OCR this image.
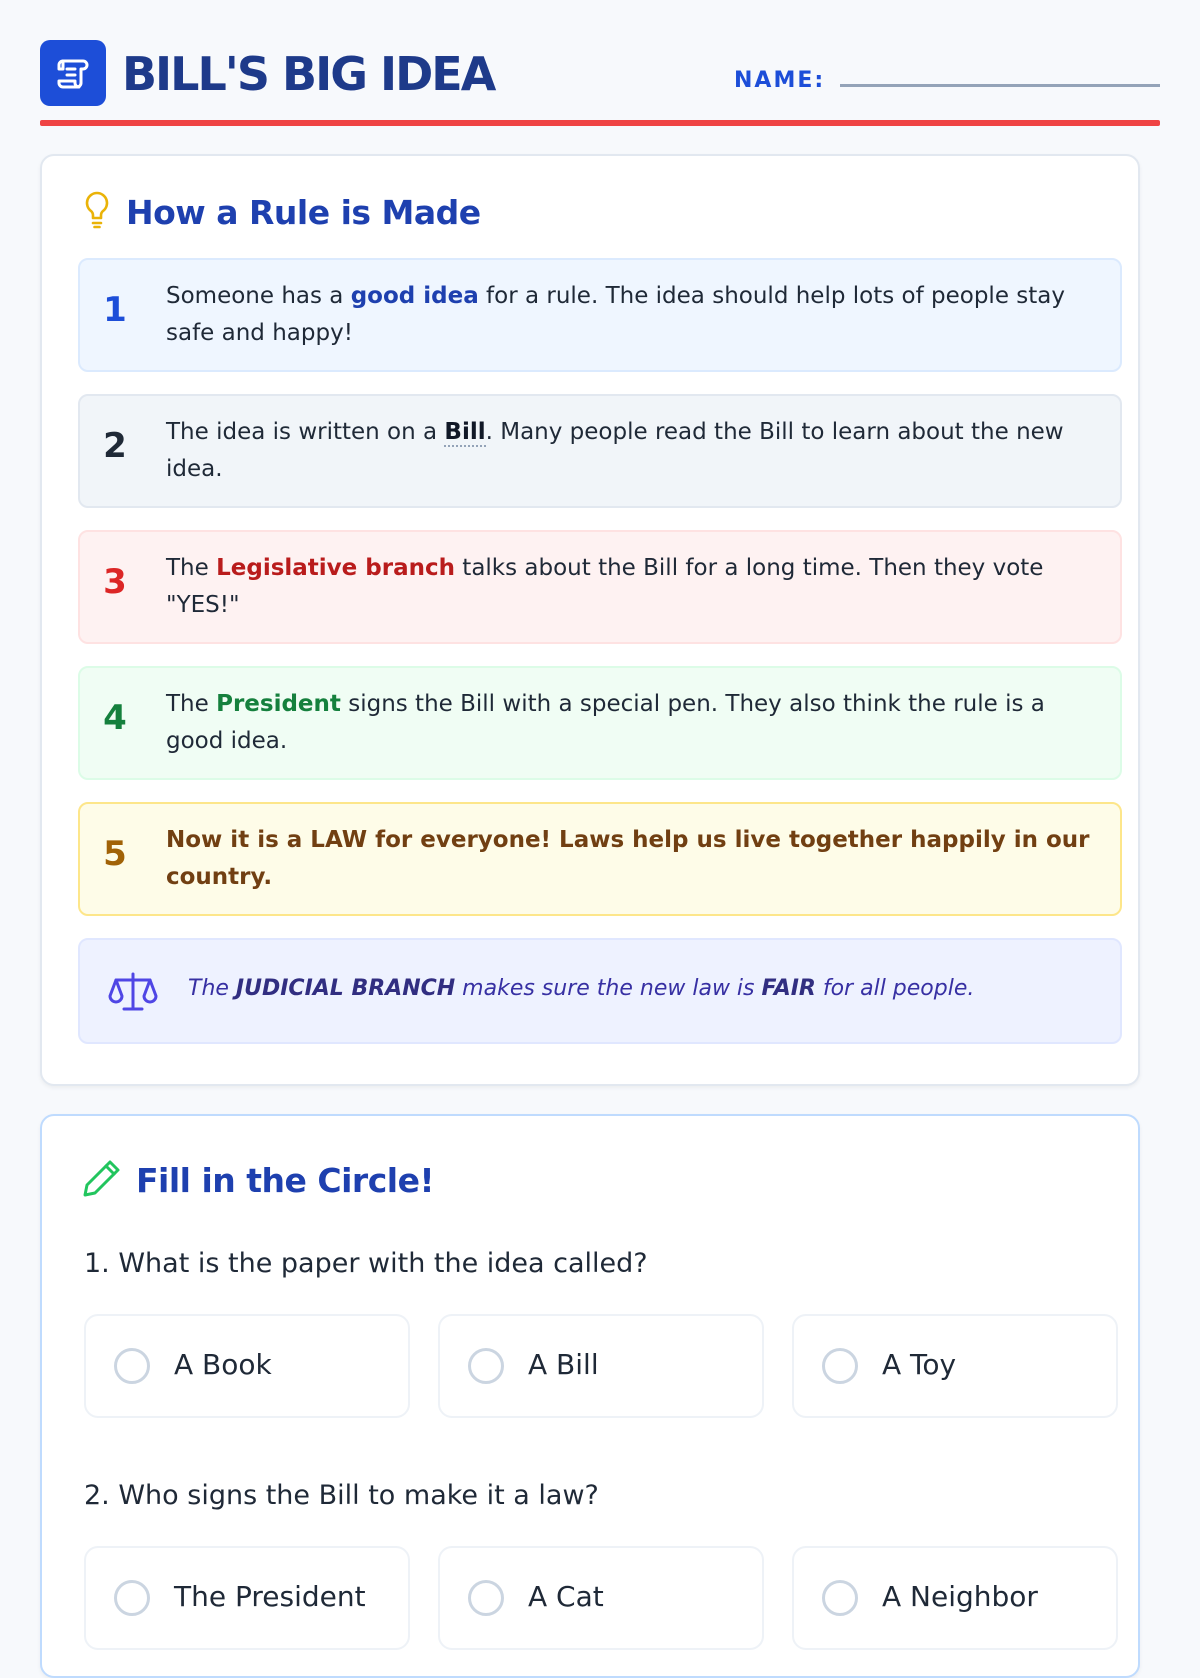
BILL'S BIG IDEA	NAME:
How a Rule is Made
1 Someone has a good idea for a rule. The idea should help lots of people stay safe and happy!
2 The idea is written on a Bill. Many people read the Bill to learn about the new idea.
3 The Legislative branch talks about the Bill for a long time. Then they vote "YES!"
4 The President signs the Bill with a special pen. They also think the rule is a good idea.
5 Now it is a LAW for everyone! Laws help us live together happily in our country.
The JUDICIAL BRANCH makes sure the new law is FAIR for all people.
Fill in the Circle!
1. What is the paper with the idea called?
A Book	A Bill	A Toy
2. Who signs the Bill to make it a law?
The President	A Cat	A Neighbor
